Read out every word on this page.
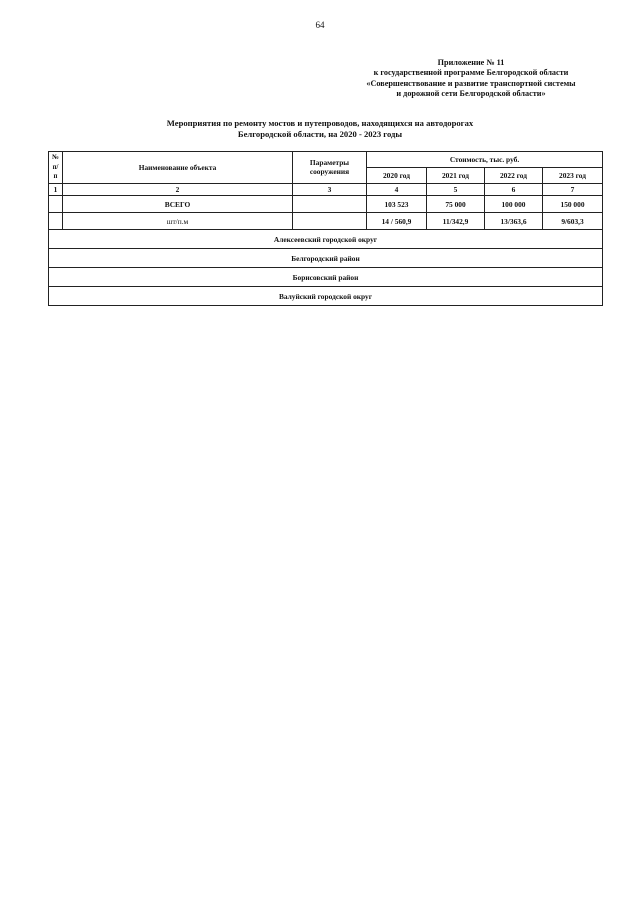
64
Приложение № 11
к государственной программе Белгородской области
«Совершенствование и развитие транспортной системы
и дорожной сети Белгородской области»
Мероприятия по ремонту мостов и путепроводов, находящихся на автодорогах
Белгородской области, на 2020 - 2023 годы
№ п/п	Наименование объекта	Параметры сооружения	Стоимость, тыс. руб.			
			2020 год	2021 год	2022 год	2023 год
1	2	3	4	5	6	7
	ВСЕГО		103 523	75 000	100 000	150 000
	шт/п.м		14 / 560,9	11/342,9	13/363,6	9/603,3
Алексеевский городской округ						
Белгородский район						
Борисовский район						
Валуйский городской округ						
